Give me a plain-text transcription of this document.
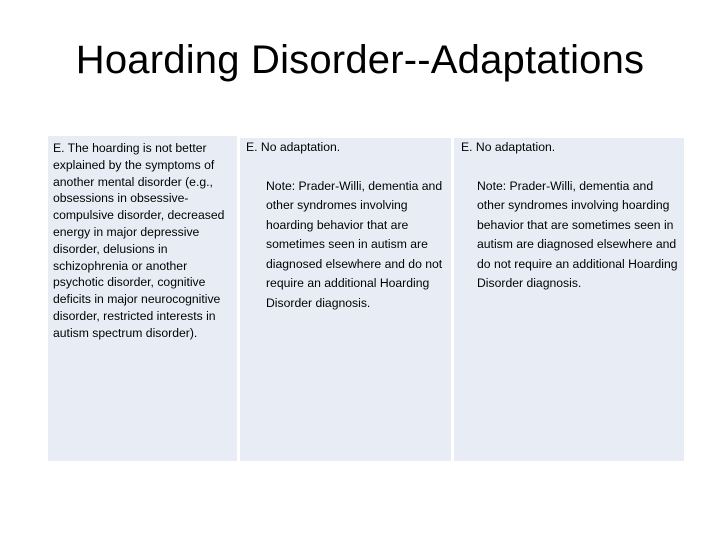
Hoarding Disorder--Adaptations
E. The hoarding is not better explained by the symptoms of another mental disorder (e.g., obsessions in obsessive-compulsive disorder, decreased energy in major depressive disorder, delusions in schizophrenia or another psychotic disorder, cognitive deficits in major neurocognitive disorder, restricted interests in autism spectrum disorder).
E. No adaptation.
Note: Prader-Willi, dementia and other syndromes involving hoarding behavior that are sometimes seen in autism are diagnosed elsewhere and do not require an additional Hoarding Disorder diagnosis.
E. No adaptation.
Note: Prader-Willi, dementia and other syndromes involving hoarding behavior that are sometimes seen in autism are diagnosed elsewhere and do not require an additional Hoarding Disorder diagnosis.
